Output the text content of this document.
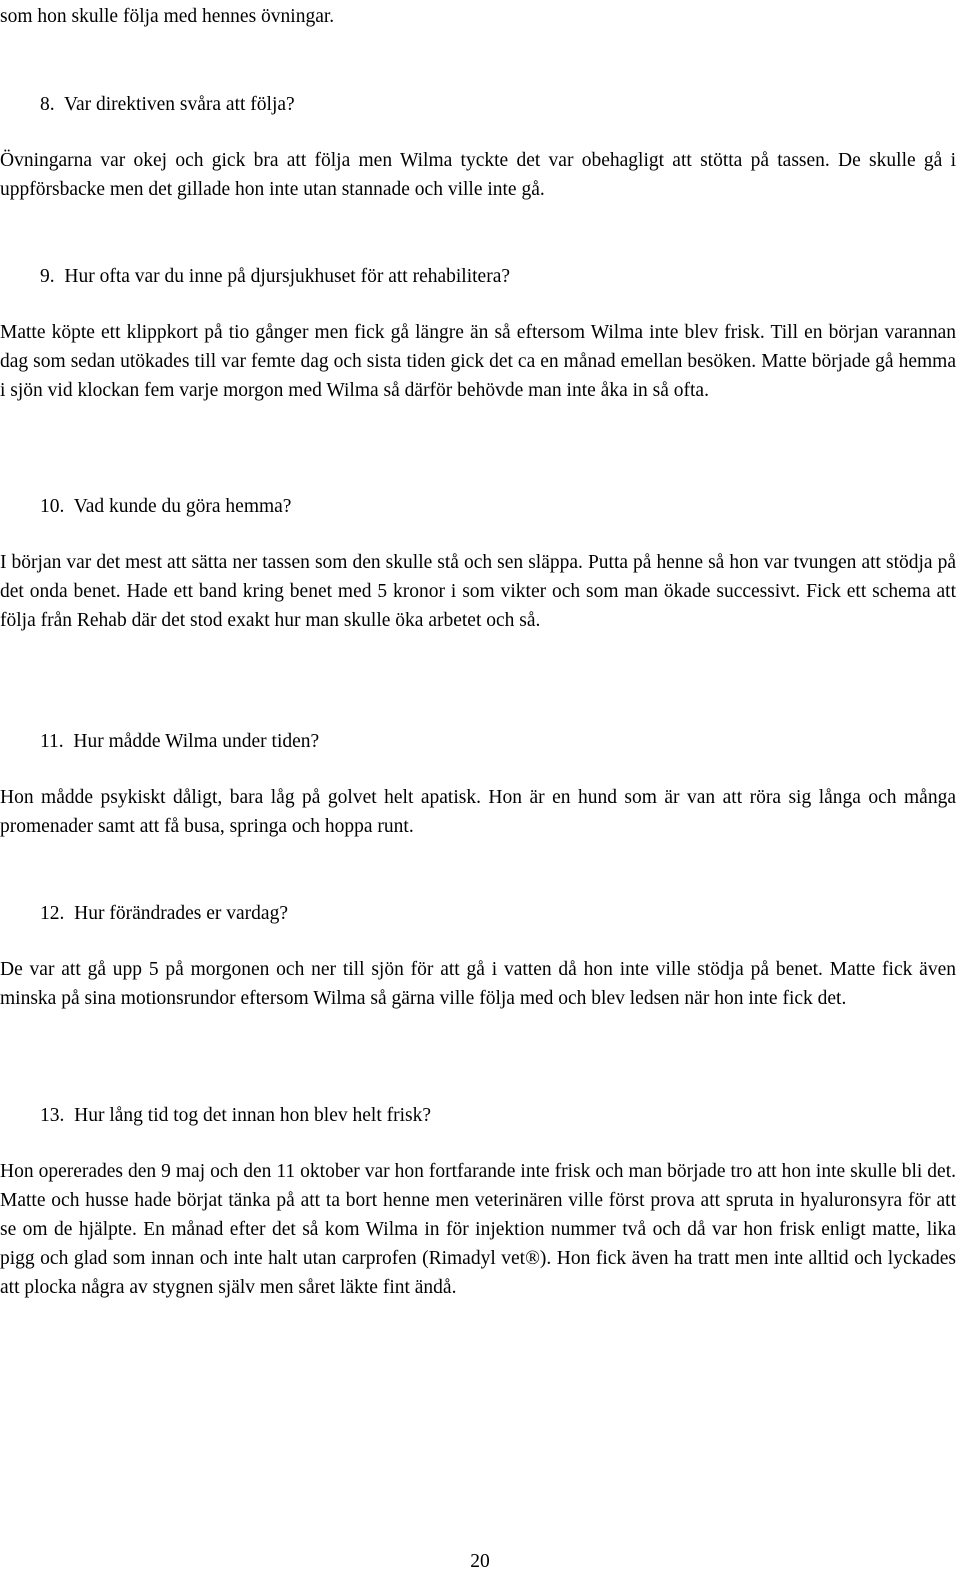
som hon skulle följa med hennes övningar.

8. Var direktiven svåra att följa?

Övningarna var okej och gick bra att följa men Wilma tyckte det var obehagligt att stötta på tassen. De skulle gå i uppförsbacke men det gillade hon inte utan stannade och ville inte gå.

9. Hur ofta var du inne på djursjukhuset för att rehabilitera?

Matte köpte ett klippkort på tio gånger men fick gå längre än så eftersom Wilma inte blev frisk. Till en början varannan dag som sedan utökades till var femte dag och sista tiden gick det ca en månad emellan besöken. Matte började gå hemma i sjön vid klockan fem varje morgon med Wilma så därför behövde man inte åka in så ofta.

10. Vad kunde du göra hemma?

I början var det mest att sätta ner tassen som den skulle stå och sen släppa. Putta på henne så hon var tvungen att stödja på det onda benet. Hade ett band kring benet med 5 kronor i som vikter och som man ökade successivt. Fick ett schema att följa från Rehab där det stod exakt hur man skulle öka arbetet och så.

11. Hur mådde Wilma under tiden?

Hon mådde psykiskt dåligt, bara låg på golvet helt apatisk. Hon är en hund som är van att röra sig långa och många promenader samt att få busa, springa och hoppa runt.

12. Hur förändrades er vardag?

De var att gå upp 5 på morgonen och ner till sjön för att gå i vatten då hon inte ville stödja på benet. Matte fick även minska på sina motionsrundor eftersom Wilma så gärna ville följa med och blev ledsen när hon inte fick det.

13. Hur lång tid tog det innan hon blev helt frisk?

Hon opererades den 9 maj och den 11 oktober var hon fortfarande inte frisk och man började tro att hon inte skulle bli det. Matte och husse hade börjat tänka på att ta bort henne men veterinären ville först prova att spruta in hyaluronsyra för att se om de hjälpte. En månad efter det så kom Wilma in för injektion nummer två och då var hon frisk enligt matte, lika pigg och glad som innan och inte halt utan carprofen (Rimadyl vet®). Hon fick även ha tratt men inte alltid och lyckades att plocka några av stygnen själv men såret läkte fint ändå.

20
